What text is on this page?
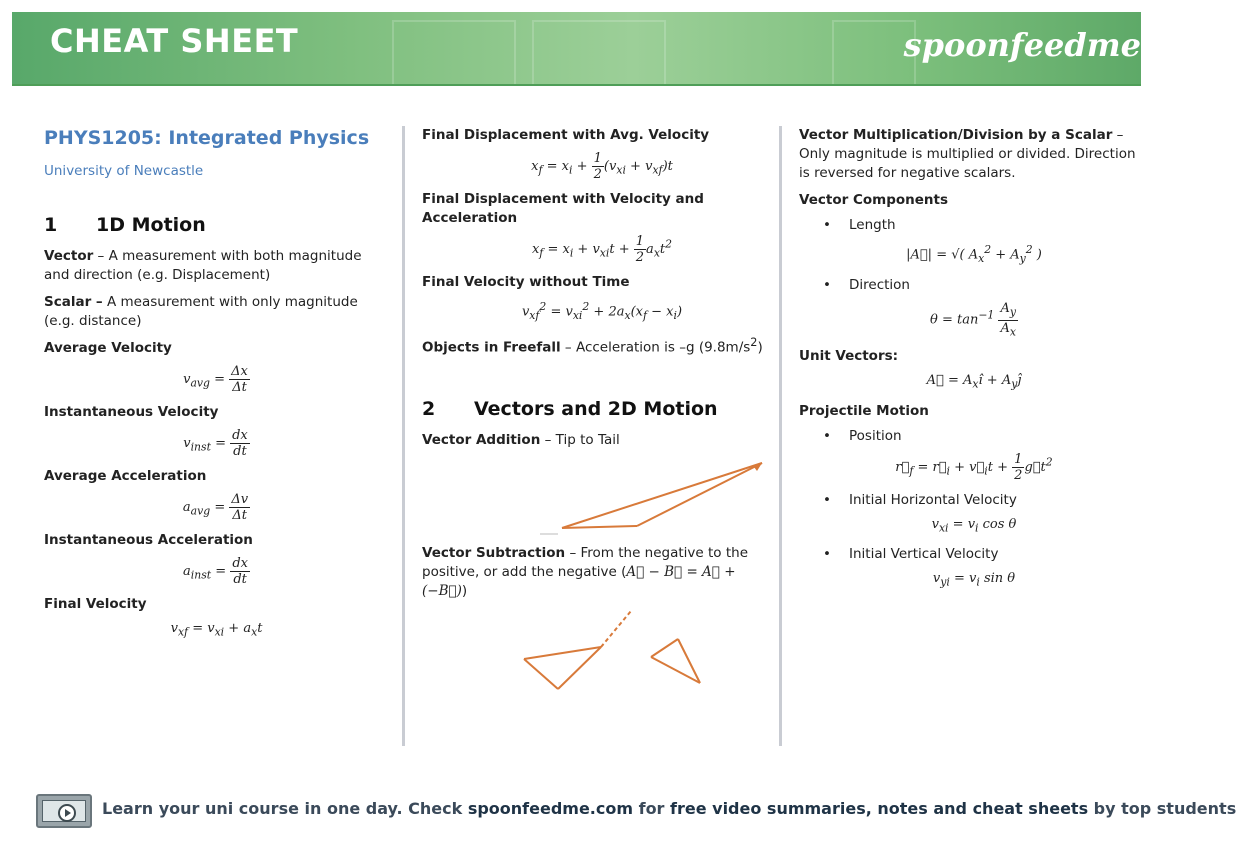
CHEAT SHEET	spoonfeedme
PHYS1205: Integrated Physics
University of Newcastle
1 1D Motion
Vector – A measurement with both magnitude and direction (e.g. Displacement)
Scalar – A measurement with only magnitude (e.g. distance)
Average Velocity
$v_{avg} = \frac{\Delta x}{\Delta t}$
Instantaneous Velocity
$v_{inst} = \frac{dx}{dt}$
Average Acceleration
$a_{avg} = \frac{\Delta v}{\Delta t}$
Instantaneous Acceleration
$a_{inst} = \frac{dx}{dt}$
Final Velocity
$v_{xf} = v_{xi} + a_xt$
Final Displacement with Avg. Velocity
$x_f = x_i + \frac{1}{2} (v_{xi} + v_{xf})t$
Final Displacement with Velocity and Acceleration
$x_f = x_i + v_{xi}t + \frac{1}{2} a_xt^2$
Final Velocity without Time
$v_{xf}^2 = v_{xi}^2 + 2a_x(x_f - x_i)$
Objects in Freefall – Acceleration is –g $(9.8m/s^2)$
2 Vectors and 2D Motion
Vector Addition – Tip to Tail
Vector Subtraction – From the negative to the positive, or add the negative (A⃗ − B⃗ = A⃗ + (−B⃗))
Vector Multiplication/Division by a Scalar – Only magnitude is multiplied or divided. Direction is reversed for negative scalars.
Vector Components
• Length
|A⃗| = √( $A_x^2 + A_y^2$ )
• Direction
$\theta = \tan^{-1} \frac{A_y}{A_x}$
Unit Vectors:
A⃗ = $A_xî$ + $A_yĵ$
Projectile Motion
• Position
$r⃗_f$ = $r⃗_i$ + $v⃗_it + \frac{1}{2}$ $g⃗t^2$
• Initial Horizontal Velocity
$v_{xi} = v_i$ cos θ
• Initial Vertical Velocity
$v_{yi} = v_i$ sin θ
Learn your uni course in one day. Check spoonfeedme.com for free video summaries, notes and cheat sheets by top students
